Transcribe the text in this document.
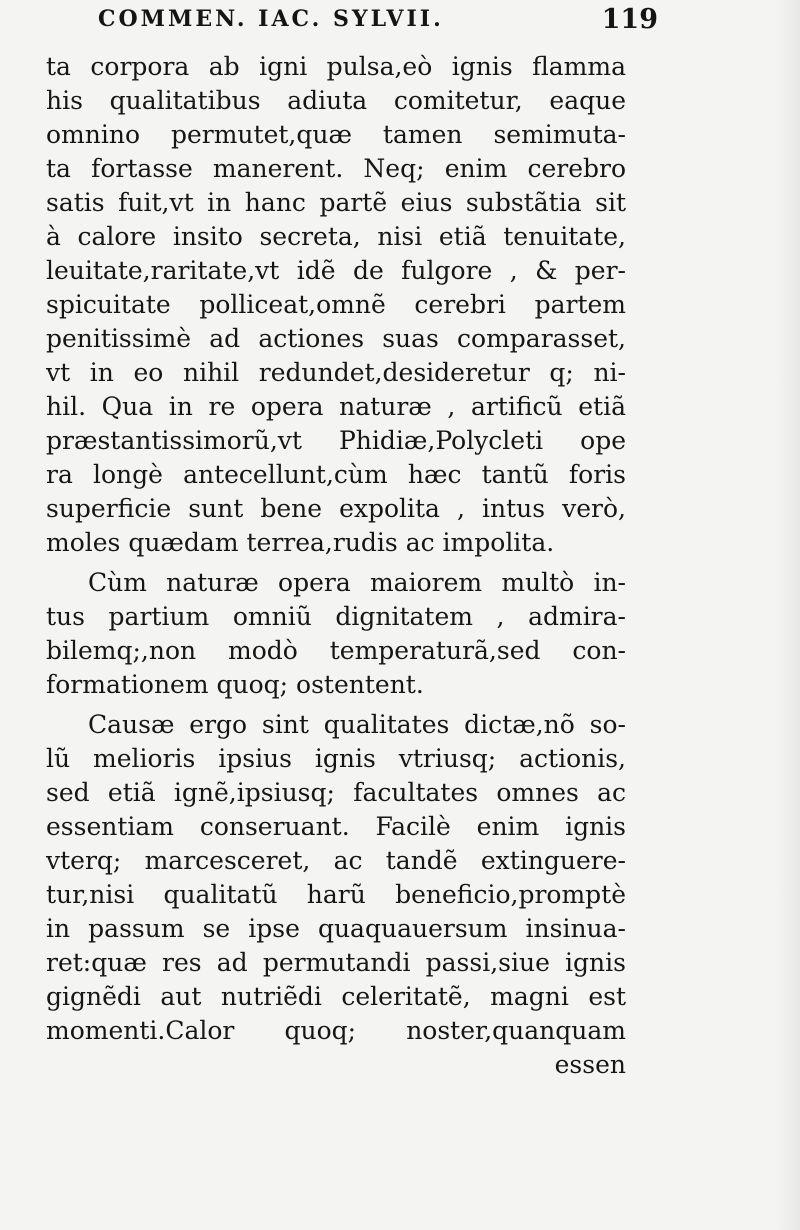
COMMEN. IAC. SYLVII.	119
ta corpora ab igni pulsa,eò ignis flamma
his qualitatibus adiuta comitetur, eaque
omnino permutet,quæ tamen semimuta-
ta fortasse manerent. Neq; enim cerebro
satis fuit,vt in hanc partẽ eius substãtia sit
à calore insito secreta, nisi etiã tenuitate,
leuitate,raritate,vt idẽ de fulgore , & per-
spicuitate polliceat,omnẽ cerebri partem
penitissimè ad actiones suas comparasset,
vt in eo nihil redundet,desideretur q; ni-
hil. Qua in re opera naturæ , artificũ etiã
præstantissimorũ,vt Phidiæ,Polycleti ope
ra longè antecellunt,cùm hæc tantũ foris
superficie sunt bene expolita , intus verò,
moles quædam terrea,rudis ac impolita.
Cùm naturæ opera maiorem multò in-
tus partium omniũ dignitatem , admira-
bilemq;,non modò temperaturã,sed con-
formationem quoq; ostentent.
Causæ ergo sint qualitates dictæ,nõ so-
lũ melioris ipsius ignis vtriusq; actionis,
sed etiã ignẽ,ipsiusq; facultates omnes ac
essentiam conseruant. Facilè enim ignis
vterq; marcesceret, ac tandẽ extinguere-
tur,nisi qualitatũ harũ beneficio,promptè
in passum se ipse quaquauersum insinua-
ret:quæ res ad permutandi passi,siue ignis
gignẽdi aut nutriẽdi celeritatẽ, magni est
momenti.Calor quoq; noster,quanquam
essen
